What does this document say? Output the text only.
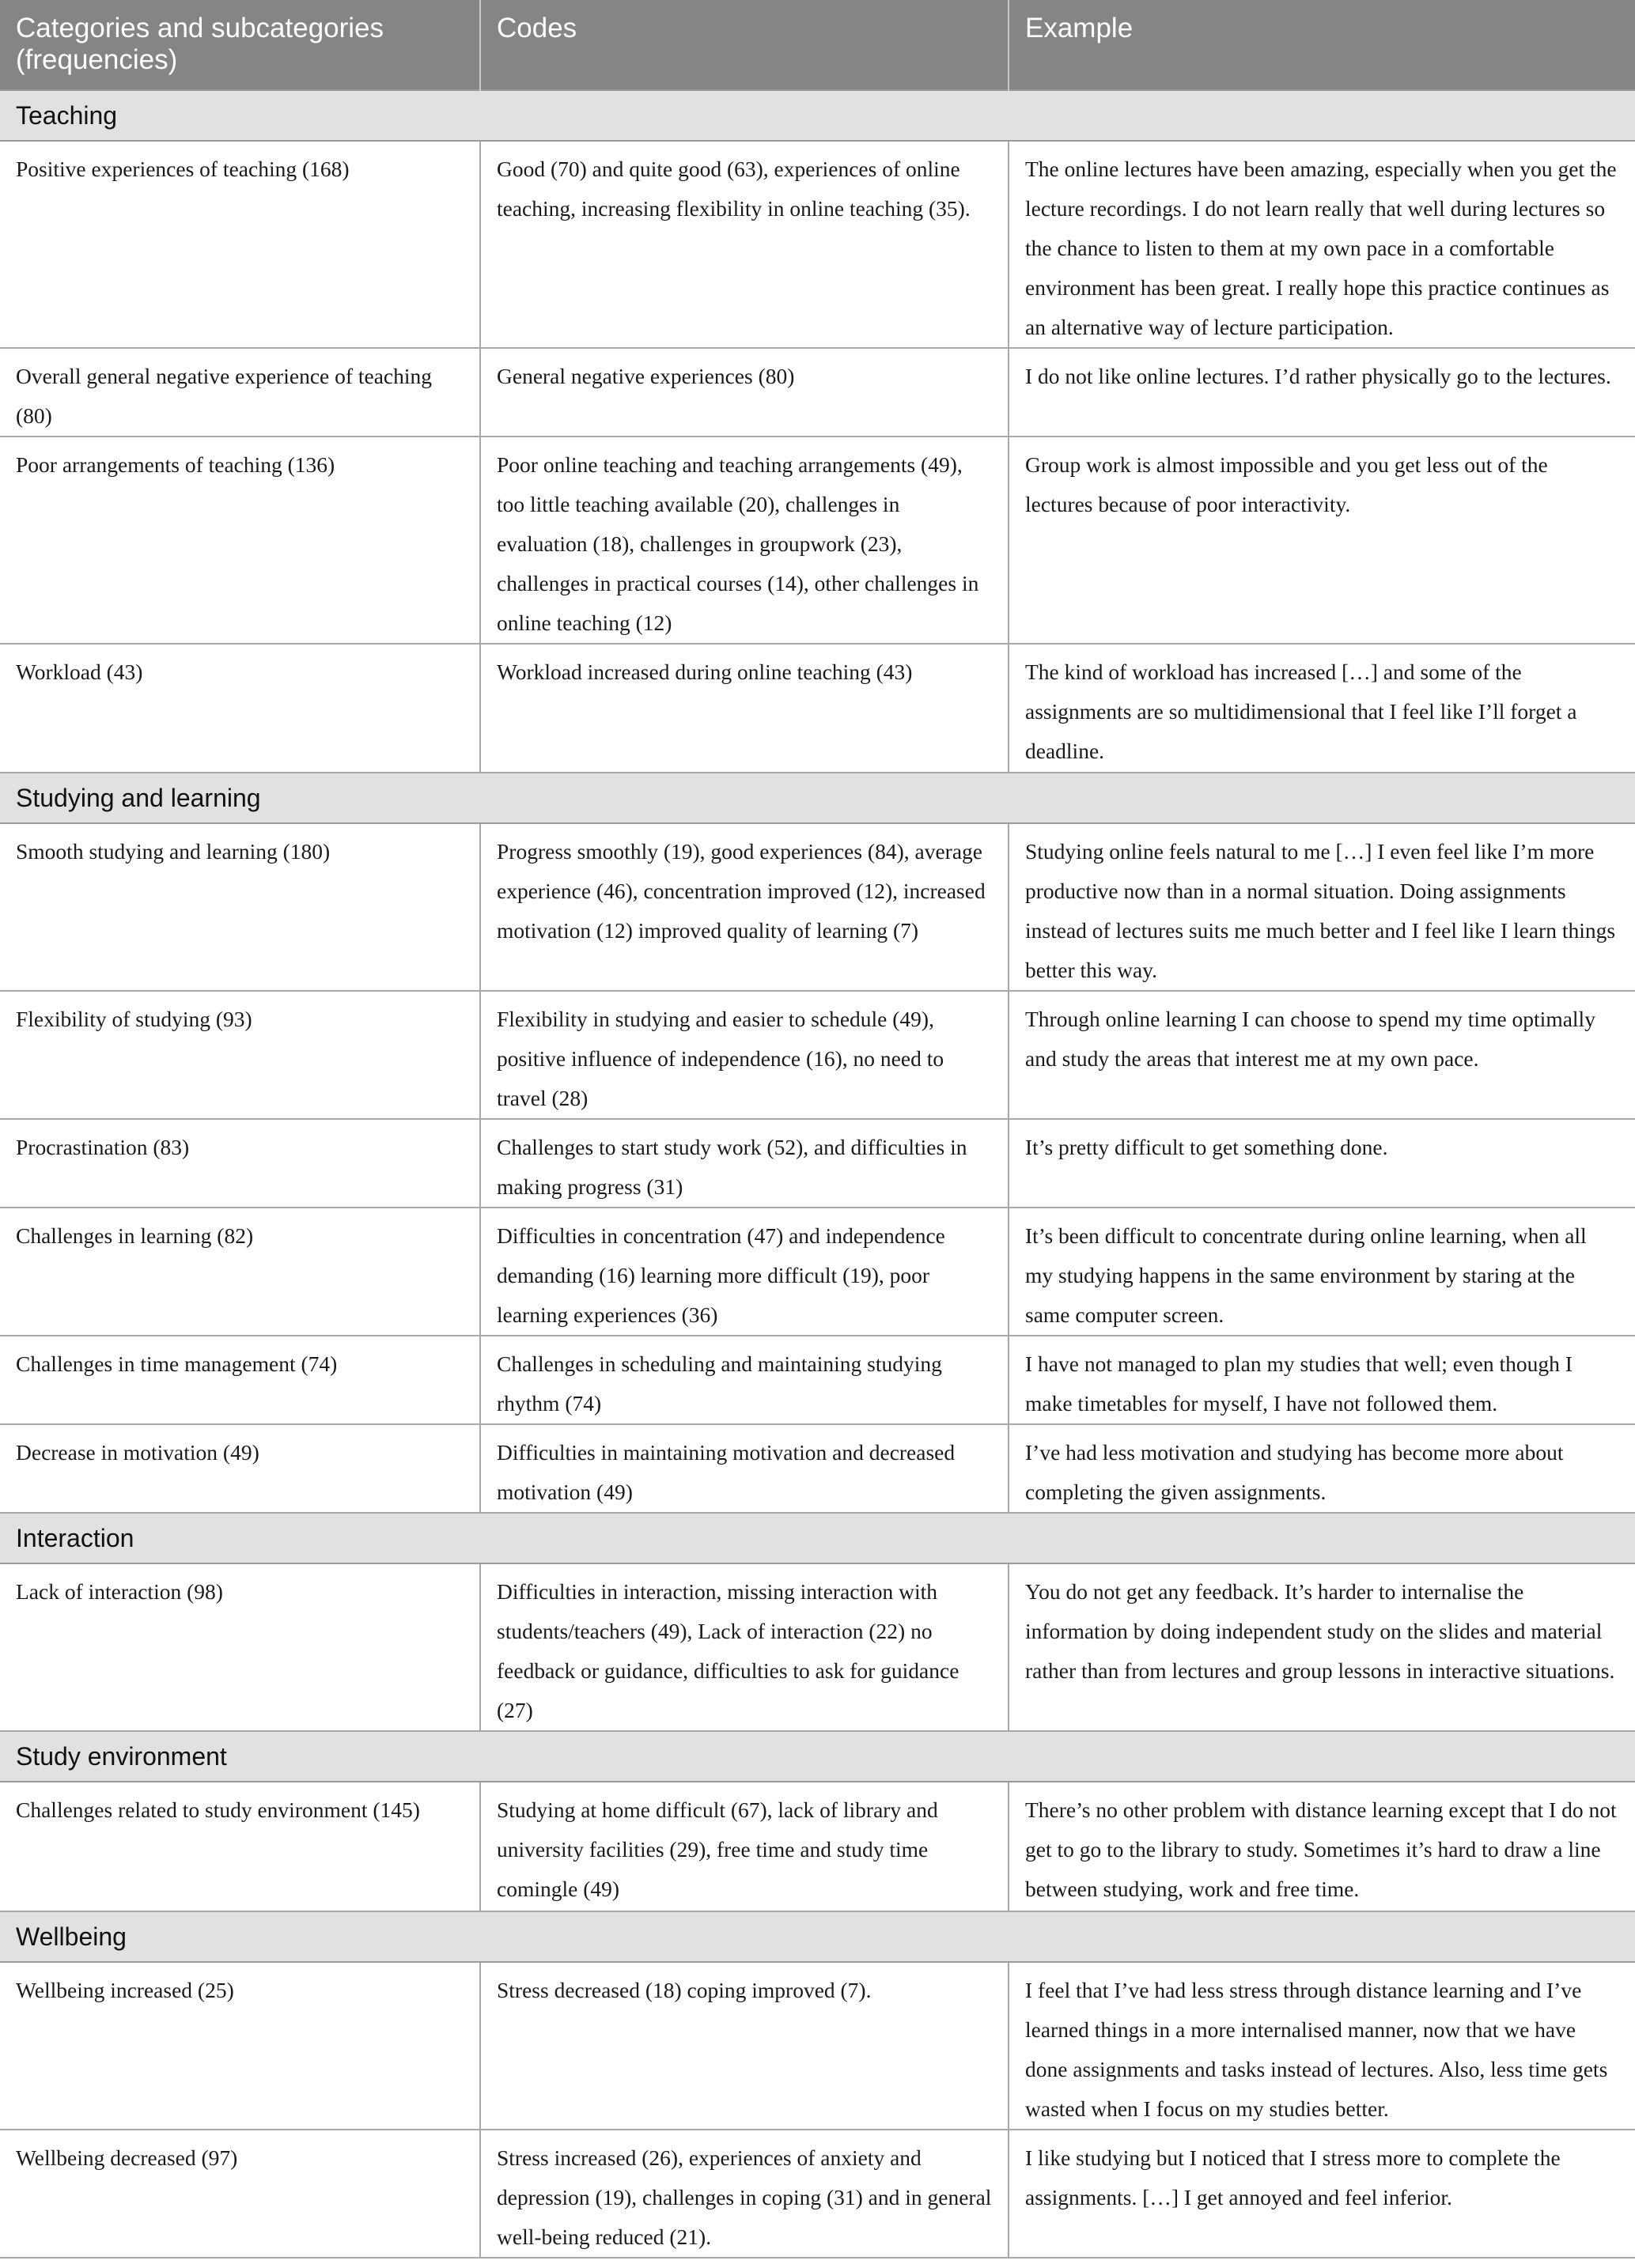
Categories and subcategories (frequencies)	Codes	Example
Teaching		
Positive experiences of teaching (168)	Good (70) and quite good (63), experiences of online teaching, increasing flexibility in online teaching (35).	The online lectures have been amazing, especially when you get the lecture recordings. I do not learn really that well during lectures so the chance to listen to them at my own pace in a comfortable environment has been great. I really hope this practice continues as an alternative way of lecture participation.
Overall general negative experience of teaching (80)	General negative experiences (80)	I do not like online lectures. I’d rather physically go to the lectures.
Poor arrangements of teaching (136)	Poor online teaching and teaching arrangements (49), too little teaching available (20), challenges in evaluation (18), challenges in groupwork (23), challenges in practical courses (14), other challenges in online teaching (12)	Group work is almost impossible and you get less out of the lectures because of poor interactivity.
Workload (43)	Workload increased during online teaching (43)	The kind of workload has increased […] and some of the assignments are so multidimensional that I feel like I’ll forget a deadline.
Studying and learning		
Smooth studying and learning (180)	Progress smoothly (19), good experiences (84), average experience (46), concentration improved (12), increased motivation (12) improved quality of learning (7)	Studying online feels natural to me […] I even feel like I’m more productive now than in a normal situation. Doing assignments instead of lectures suits me much better and I feel like I learn things better this way.
Flexibility of studying (93)	Flexibility in studying and easier to schedule (49), positive influence of independence (16), no need to travel (28)	Through online learning I can choose to spend my time optimally and study the areas that interest me at my own pace.
Procrastination (83)	Challenges to start study work (52), and difficulties in making progress (31)	It’s pretty difficult to get something done.
Challenges in learning (82)	Difficulties in concentration (47) and independence demanding (16) learning more difficult (19), poor learning experiences (36)	It’s been difficult to concentrate during online learning, when all my studying happens in the same environment by staring at the same computer screen.
Challenges in time management (74)	Challenges in scheduling and maintaining studying rhythm (74)	I have not managed to plan my studies that well; even though I make timetables for myself, I have not followed them.
Decrease in motivation (49)	Difficulties in maintaining motivation and decreased motivation (49)	I’ve had less motivation and studying has become more about completing the given assignments.
Interaction		
Lack of interaction (98)	Difficulties in interaction, missing interaction with students/teachers (49), Lack of interaction (22) no feedback or guidance, difficulties to ask for guidance (27)	You do not get any feedback. It’s harder to internalise the information by doing independent study on the slides and material rather than from lectures and group lessons in interactive situations.
Study environment		
Challenges related to study environment (145)	Studying at home difficult (67), lack of library and university facilities (29), free time and study time comingle (49)	There’s no other problem with distance learning except that I do not get to go to the library to study. Sometimes it’s hard to draw a line between studying, work and free time.
Wellbeing		
Wellbeing increased (25)	Stress decreased (18) coping improved (7).	I feel that I’ve had less stress through distance learning and I’ve learned things in a more internalised manner, now that we have done assignments and tasks instead of lectures. Also, less time gets wasted when I focus on my studies better.
Wellbeing decreased (97)	Stress increased (26), experiences of anxiety and depression (19), challenges in coping (31) and in general well-being reduced (21).	I like studying but I noticed that I stress more to complete the assignments. […] I get annoyed and feel inferior.
